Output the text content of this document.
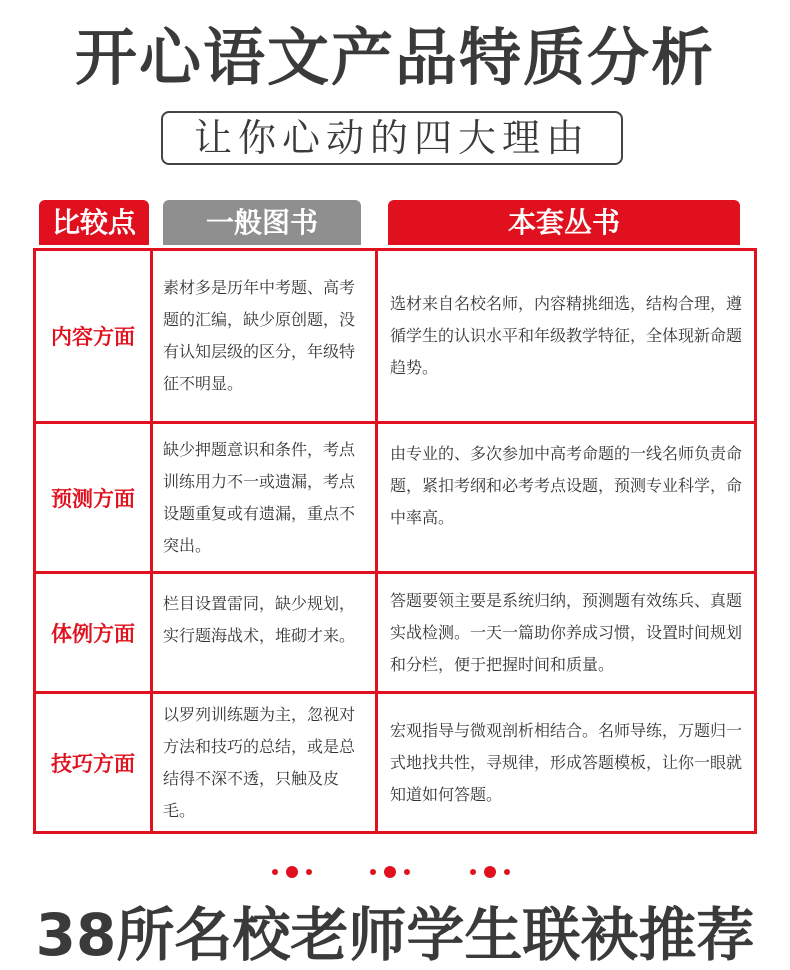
开心语文产品特质分析
让你心动的四大理由
比较点	一般图书	本套丛书
内容方面
素材多是历年中考题、高考题的汇编，缺少原创题，没有认知层级的区分，年级特征不明显。
选材来自名校名师，内容精挑细选，结构合理，遵循学生的认识水平和年级教学特征，全体现新命题趋势。
预测方面
缺少押题意识和条件，考点训练用力不一或遗漏，考点设题重复或有遗漏，重点不突出。
由专业的、多次参加中高考命题的一线名师负责命题，紧扣考纲和必考考点设题，预测专业科学，命中率高。
体例方面
栏目设置雷同，缺少规划，实行题海战术，堆砌才来。
答题要领主要是系统归纳，预测题有效练兵、真题实战检测。一天一篇助你养成习惯，设置时间规划和分栏，便于把握时间和质量。
技巧方面
以罗列训练题为主，忽视对方法和技巧的总结，或是总结得不深不透，只触及皮毛。
宏观指导与微观剖析相结合。名师导练，万题归一式地找共性，寻规律，形成答题模板，让你一眼就知道如何答题。
38所名校老师学生联袂推荐
